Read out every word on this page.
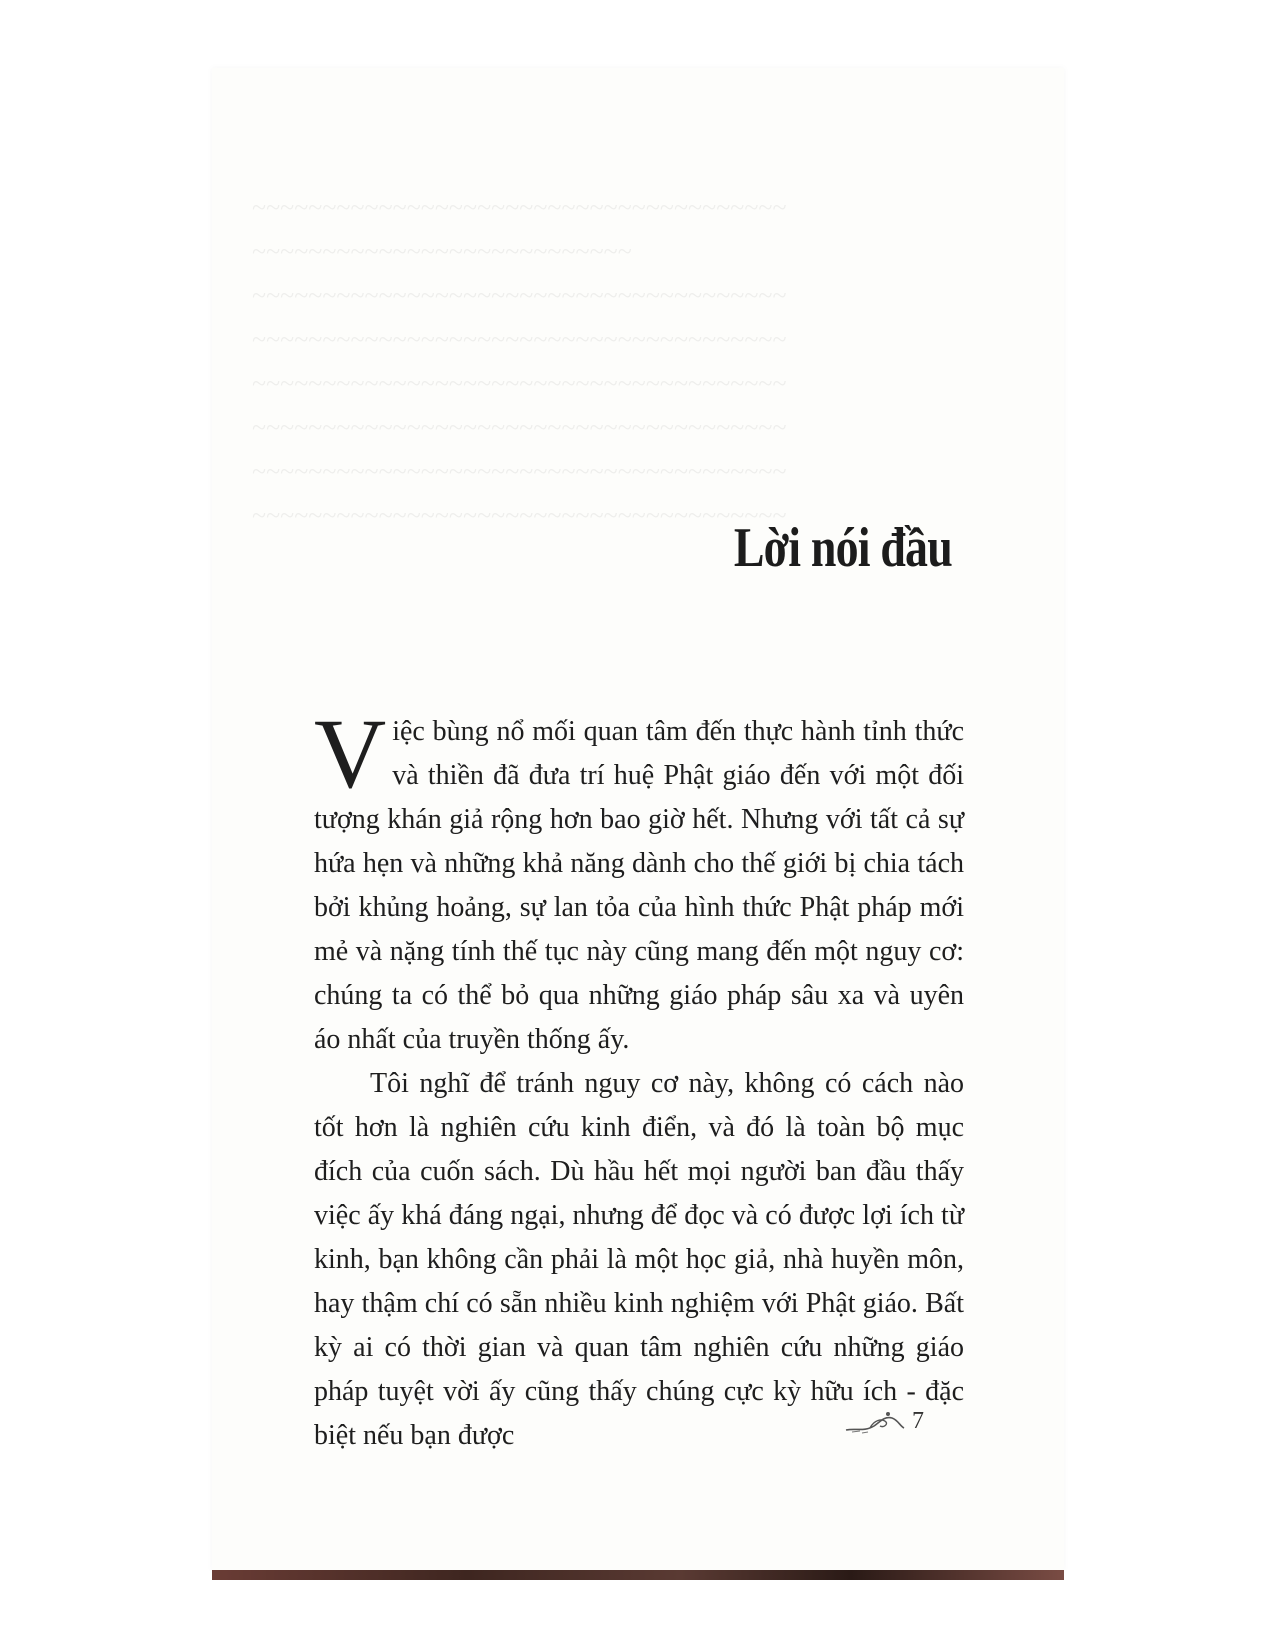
~~~~~~~~~~~~~~~~~~~~~~~~~~~~~~~~~~~~~~
~~~~~~~~~~~~~~~~~~~~~~~~~~~
~~~~~~~~~~~~~~~~~~~~~~~~~~~~~~~~~~~~~~
~~~~~~~~~~~~~~~~~~~~~~~~~~~~~~~~~~~~~~
~~~~~~~~~~~~~~~~~~~~~~~~~~~~~~~~~~~~~~
~~~~~~~~~~~~~~~~~~~~~~~~~~~~~~~~~~~~~~
~~~~~~~~~~~~~~~~~~~~~~~~~~~~~~~~~~~~~~
~~~~~~~~~~~~~~~~~~~~~~~~~~~~~~~~~~~~~~
Lời nói đầu

Việc bùng nổ mối quan tâm đến thực hành tỉnh thức và thiền đã đưa trí huệ Phật giáo đến với một đối tượng khán giả rộng hơn bao giờ hết. Nhưng với tất cả sự hứa hẹn và những khả năng dành cho thế giới bị chia tách bởi khủng hoảng, sự lan tỏa của hình thức Phật pháp mới mẻ và nặng tính thế tục này cũng mang đến một nguy cơ: chúng ta có thể bỏ qua những giáo pháp sâu xa và uyên áo nhất của truyền thống ấy.

Tôi nghĩ để tránh nguy cơ này, không có cách nào tốt hơn là nghiên cứu kinh điển, và đó là toàn bộ mục đích của cuốn sách. Dù hầu hết mọi người ban đầu thấy việc ấy khá đáng ngại, nhưng để đọc và có được lợi ích từ kinh, bạn không cần phải là một học giả, nhà huyền môn, hay thậm chí có sẵn nhiều kinh nghiệm với Phật giáo. Bất kỳ ai có thời gian và quan tâm nghiên cứu những giáo pháp tuyệt vời ấy cũng thấy chúng cực kỳ hữu ích - đặc biệt nếu bạn được	7
